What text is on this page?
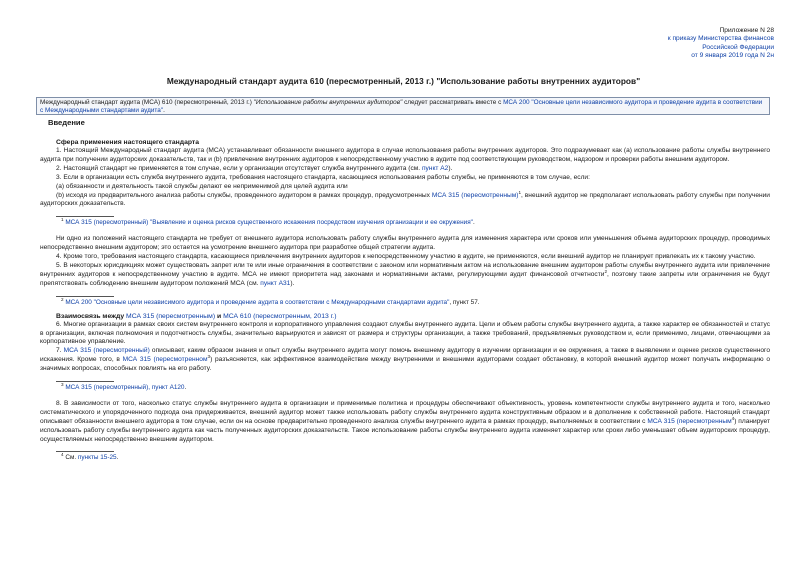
Приложение N 28
к приказу Министерства финансов
Российской Федерации
от 9 января 2019 года N 2н
Международный стандарт аудита 610 (пересмотренный, 2013 г.) "Использование работы внутренних аудиторов"
Международный стандарт аудита (МСА) 610 (пересмотренный, 2013 г.) "Использование работы внутренних аудиторов" следует рассматривать вместе с МСА 200 "Основные цели независимого аудитора и проведение аудита в соответствии с Международными стандартами аудита".
Введение
Сфера применения настоящего стандарта

1. Настоящий Международный стандарт аудита (МСА) устанавливает обязанности внешнего аудитора в случае использования работы внутренних аудиторов. Это подразумевает как (a) использование работы службы внутреннего аудита при получении аудиторских доказательств, так и (b) привлечение внутренних аудиторов к непосредственному участию в аудите под соответствующим руководством, надзором и проверки работы внешним аудитором.

2. Настоящий стандарт не применяется в том случае, если у организации отсутствует служба внутреннего аудита (см. пункт A2).

3. Если в организации есть служба внутреннего аудита, требования настоящего стандарта, касающиеся использования работы службы, не применяются в том случае, если:

(a) обязанности и деятельность такой службы делают ее неприменимой для целей аудита или

(b) исходя из предварительного анализа работы службы, проведенного аудитором в рамках процедур, предусмотренных МСА 315 (пересмотренным)$^1$, внешний аудитор не предполагает использовать работу службы при получении аудиторских доказательств.

$^1$ МСА 315 (пересмотренный) "Выявление и оценка рисков существенного искажения посредством изучения организации и ее окружения".

Ни одно из положений настоящего стандарта не требует от внешнего аудитора использовать работу службы внутреннего аудита для изменения характера или сроков или уменьшения объема аудиторских процедур, проводимых непосредственно внешним аудитором; это остается на усмотрение внешнего аудитора при разработке общей стратегии аудита.

4. Кроме того, требования настоящего стандарта, касающиеся привлечения внутренних аудиторов к непосредственному участию в аудите, не применяются, если внешний аудитор не планирует привлекать их к такому участию.

5. В некоторых юрисдикциях может существовать запрет или те или иные ограничения в соответствии с законом или нормативным актом на использование внешним аудитором работы службы внутреннего аудита или привлечение внутренних аудиторов к непосредственному участию в аудите. МСА не имеют приоритета над законами и нормативными актами, регулирующими аудит финансовой отчетности$^2$, поэтому такие запреты или ограничения не будут препятствовать соблюдению внешним аудитором положений МСА (см. пункт A31).

$^2$ МСА 200 "Основные цели независимого аудитора и проведение аудита в соответствии с Международными стандартами аудита", пункт 57.

Взаимосвязь между МСА 315 (пересмотренным) и МСА 610 (пересмотренным, 2013 г.)

6. Многие организации в рамках своих систем внутреннего контроля и корпоративного управления создают службы внутреннего аудита. Цели и объем работы службы внутреннего аудита, а также характер ее обязанностей и статус в организации, включая полномочия и подотчетность службы, значительно варьируются и зависят от размера и структуры организации, а также требований, предъявляемых руководством и, если применимо, лицами, отвечающими за корпоративное управление.

7. МСА 315 (пересмотренный) описывает, каким образом знания и опыт службы внутреннего аудита могут помочь внешнему аудитору в изучении организации и ее окружения, а также в выявлении и оценке рисков существенного искажения. Кроме того, в МСА 315 (пересмотренном$^3$) разъясняется, как эффективное взаимодействие между внутренними и внешними аудиторами создает обстановку, в которой внешний аудитор может получать информацию о значимых вопросах, способных повлиять на его работу.

$^3$ МСА 315 (пересмотренный), пункт A120.

8. В зависимости от того, насколько статус службы внутреннего аудита в организации и применимые политика и процедуры обеспечивают объективность, уровень компетентности службы внутреннего аудита и того, насколько систематического и упорядоченного подхода она придерживается, внешний аудитор может также использовать работу службы внутреннего аудита конструктивным образом и в дополнение к собственной работе. Настоящий стандарт описывает обязанности внешнего аудитора в том случае, если он на основе предварительно проведенного анализа службы внутреннего аудита в рамках процедур, выполняемых в соответствии с МСА 315 (пересмотренным$^4$) планирует использовать работу службы внутреннего аудита как часть полученных аудиторских доказательств. Такое использование работы службы внутреннего аудита изменяет характер или сроки либо уменьшает объем аудиторских процедур, осуществляемых непосредственно внешним аудитором.

$^4$ См. пункты 15-25.
